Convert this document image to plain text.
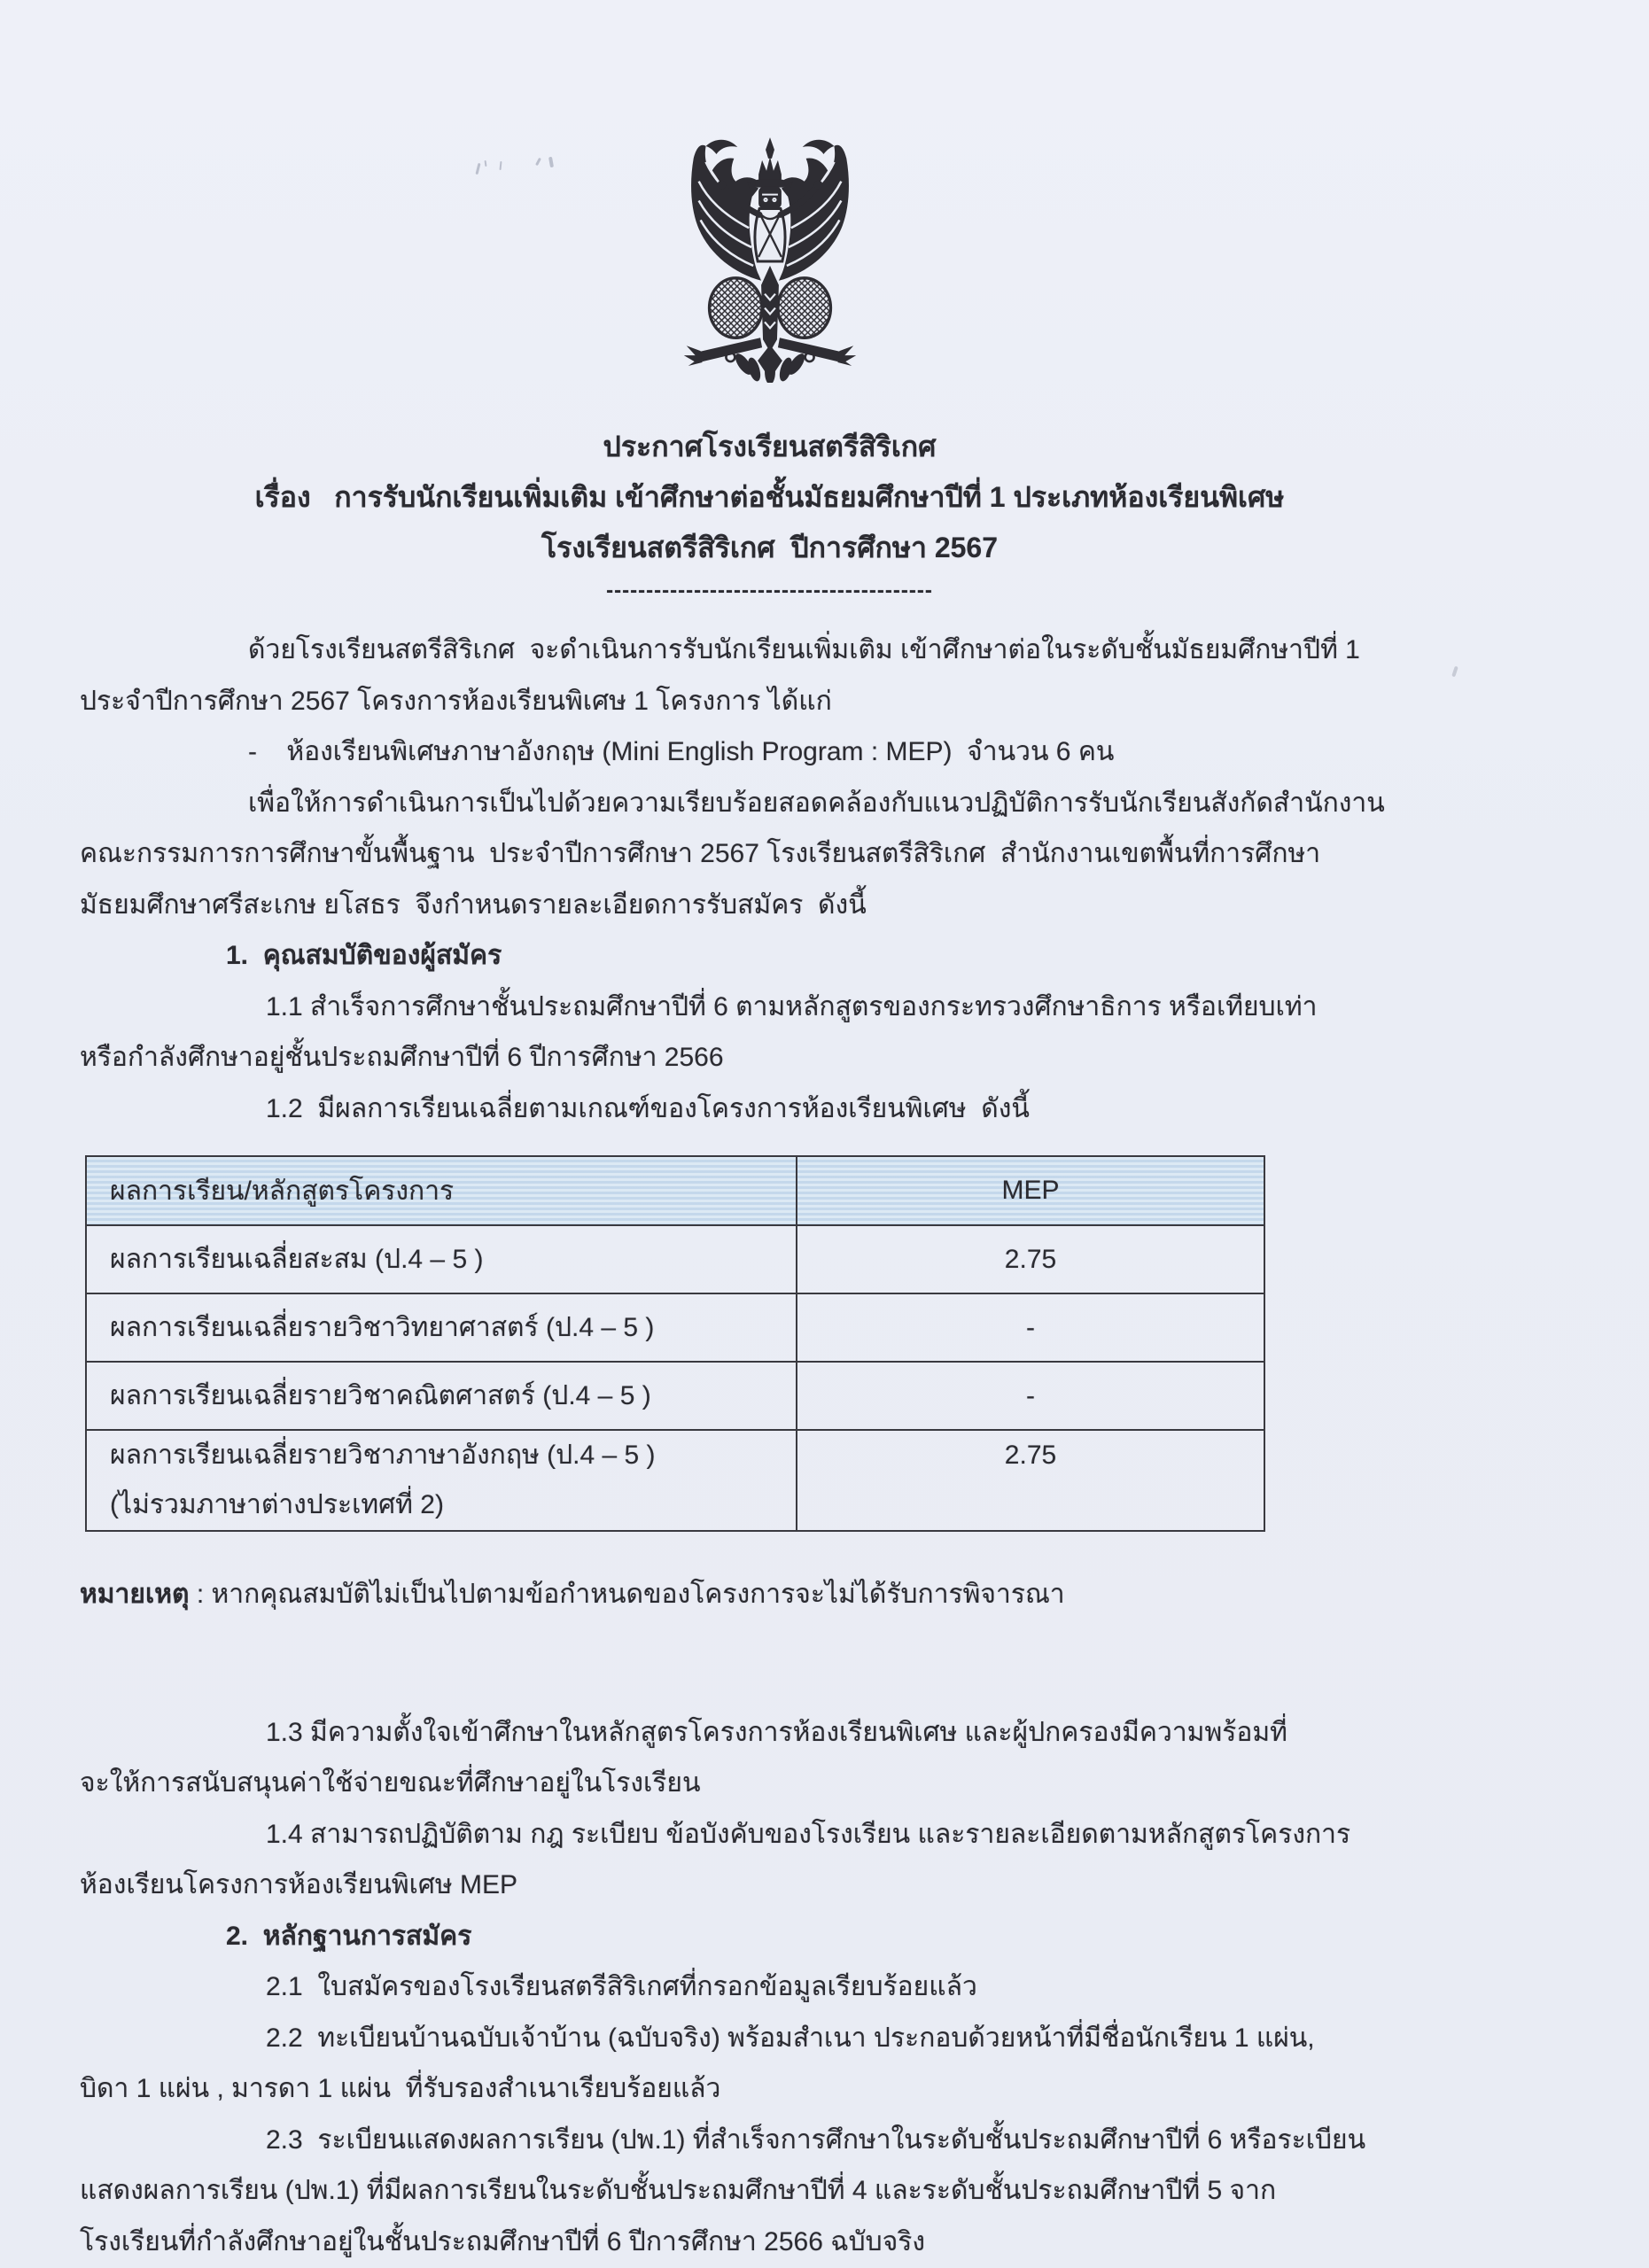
ประกาศโรงเรียนสตรีสิริเกศ
เรื่อง   การรับนักเรียนเพิ่มเติม เข้าศึกษาต่อชั้นมัธยมศึกษาปีที่ 1 ประเภทห้องเรียนพิเศษ
โรงเรียนสตรีสิริเกศ  ปีการศึกษา 2567
-----------------------------------------
ด้วยโรงเรียนสตรีสิริเกศ  จะดำเนินการรับนักเรียนเพิ่มเติม เข้าศึกษาต่อในระดับชั้นมัธยมศึกษาปีที่ 1
ประจำปีการศึกษา 2567 โครงการห้องเรียนพิเศษ 1 โครงการ ได้แก่
-    ห้องเรียนพิเศษภาษาอังกฤษ (Mini English Program : MEP)  จำนวน 6 คน
เพื่อให้การดำเนินการเป็นไปด้วยความเรียบร้อยสอดคล้องกับแนวปฏิบัติการรับนักเรียนสังกัดสำนักงาน
คณะกรรมการการศึกษาขั้นพื้นฐาน  ประจำปีการศึกษา 2567 โรงเรียนสตรีสิริเกศ  สำนักงานเขตพื้นที่การศึกษา
มัธยมศึกษาศรีสะเกษ ยโสธร  จึงกำหนดรายละเอียดการรับสมัคร  ดังนี้
1.  คุณสมบัติของผู้สมัคร
1.1 สำเร็จการศึกษาชั้นประถมศึกษาปีที่ 6 ตามหลักสูตรของกระทรวงศึกษาธิการ หรือเทียบเท่า
หรือกำลังศึกษาอยู่ชั้นประถมศึกษาปีที่ 6 ปีการศึกษา 2566
1.2  มีผลการเรียนเฉลี่ยตามเกณฑ์ของโครงการห้องเรียนพิเศษ  ดังนี้
ผลการเรียน/หลักสูตรโครงการ	MEP
ผลการเรียนเฉลี่ยสะสม (ป.4 – 5 )	2.75
ผลการเรียนเฉลี่ยรายวิชาวิทยาศาสตร์ (ป.4 – 5 )	-
ผลการเรียนเฉลี่ยรายวิชาคณิตศาสตร์ (ป.4 – 5 )	-

ผลการเรียนเฉลี่ยรายวิชาภาษาอังกฤษ (ป.4 – 5 )
(ไม่รวมภาษาต่างประเทศที่ 2)	2.75
หมายเหตุ : หากคุณสมบัติไม่เป็นไปตามข้อกำหนดของโครงการจะไม่ได้รับการพิจารณา
1.3 มีความตั้งใจเข้าศึกษาในหลักสูตรโครงการห้องเรียนพิเศษ และผู้ปกครองมีความพร้อมที่
จะให้การสนับสนุนค่าใช้จ่ายขณะที่ศึกษาอยู่ในโรงเรียน
1.4 สามารถปฏิบัติตาม กฎ ระเบียบ ข้อบังคับของโรงเรียน และรายละเอียดตามหลักสูตรโครงการ
ห้องเรียนโครงการห้องเรียนพิเศษ MEP
2.  หลักฐานการสมัคร
2.1  ใบสมัครของโรงเรียนสตรีสิริเกศที่กรอกข้อมูลเรียบร้อยแล้ว
2.2  ทะเบียนบ้านฉบับเจ้าบ้าน (ฉบับจริง) พร้อมสำเนา ประกอบด้วยหน้าที่มีชื่อนักเรียน 1 แผ่น,
บิดา 1 แผ่น , มารดา 1 แผ่น  ที่รับรองสำเนาเรียบร้อยแล้ว
2.3  ระเบียนแสดงผลการเรียน (ปพ.1) ที่สำเร็จการศึกษาในระดับชั้นประถมศึกษาปีที่ 6 หรือระเบียน
แสดงผลการเรียน (ปพ.1) ที่มีผลการเรียนในระดับชั้นประถมศึกษาปีที่ 4 และระดับชั้นประถมศึกษาปีที่ 5 จาก
โรงเรียนที่กำลังศึกษาอยู่ในชั้นประถมศึกษาปีที่ 6 ปีการศึกษา 2566 ฉบับจริง
